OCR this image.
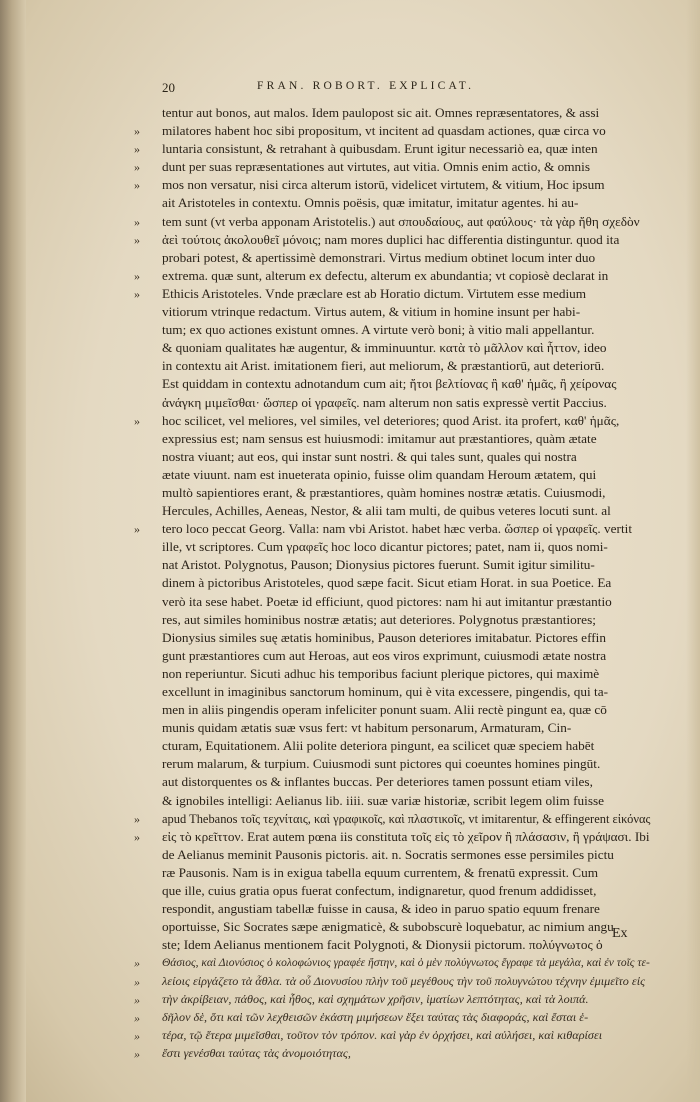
20	FRAN. ROBORT. EXPLICAT.
tentur aut bonos, aut malos. Idem paulopost sic ait. Omnes repræsentatores, & assi
» milatores habent hoc sibi propositum, vt incitent ad quasdam actiones, quæ circa vo
» luntaria consistunt, & retrahant à quibusdam. Erunt igitur necessariò ea, quæ inten
» dunt per suas repræsentationes aut virtutes, aut vitia. Omnis enim actio, & omnis
» mos non versatur, nisi circa alterum istorū, videlicet virtutem, & vitium, Hoc ipsum
ait Aristoteles in contextu. Omnis poësis, quæ imitatur, imitatur agentes. hi au-
» tem sunt (vt verba apponam Aristotelis.) aut σπουδαίους, aut φαύλους· τὰ γὰρ ἤθη σχεδὸν
» ἀεὶ τούτοις ἀκολουθεῖ μόνοις; nam mores duplici hac differentia distinguntur. quod ita
probari potest, & apertissimè demonstrari. Virtus medium obtinet locum inter duo
» extrema. quæ sunt, alterum ex defectu, alterum ex abundantia; vt copiosè declarat in
» Ethicis Aristoteles. Vnde præclare est ab Horatio dictum. Virtutem esse medium
vitiorum vtrinque redactum. Virtus autem, & vitium in homine insunt per habi-
tum; ex quo actiones existunt omnes. A virtute verò boni; à vitio mali appellantur.
& quoniam qualitates hæ augentur, & imminuuntur. κατὰ τὸ μᾶλλον καὶ ἧττον, ideo
in contextu ait Arist. imitationem fieri, aut meliorum, & præstantiorū, aut deteriorū.
Est quiddam in contextu adnotandum cum ait; ἤτοι βελτίονας ἢ καθ' ἡμᾶς, ἢ χείρονας
ἀνάγκη μιμεῖσθαι· ὥσπερ οἱ γραφεῖς. nam alterum non satis expressè vertit Paccius.
» hoc scilicet, vel meliores, vel similes, vel deteriores; quod Arist. ita profert, καθ' ἡμᾶς,
expressius est; nam sensus est huiusmodi: imitamur aut præstantiores, quàm ætate
nostra viuant; aut eos, qui instar sunt nostri. & qui tales sunt, quales qui nostra
ætate viuunt. nam est inueterata opinio, fuisse olim quandam Heroum ætatem, qui
multò sapientiores erant, & præstantiores, quàm homines nostræ ætatis. Cuiusmodi,
Hercules, Achilles, Aeneas, Nestor, & alii tam multi, de quibus veteres locuti sunt. al
» tero loco peccat Georg. Valla: nam vbi Aristot. habet hæc verba. ὥσπερ οἱ γραφεῖς. vertit
ille, vt scriptores. Cum γραφεῖς hoc loco dicantur pictores; patet, nam ii, quos nomi-
nat Aristot. Polygnotus, Pauson; Dionysius pictores fuerunt. Sumit igitur similitu-
dinem à pictoribus Aristoteles, quod sæpe facit. Sicut etiam Horat. in sua Poetice. Ea
verò ita sese habet. Poetæ id efficiunt, quod pictores: nam hi aut imitantur præstantio
res, aut similes hominibus nostræ ætatis; aut deteriores. Polygnotus præstantiores;
Dionysius similes suę ætatis hominibus, Pauson deteriores imitabatur. Pictores effin
gunt præstantiores cum aut Heroas, aut eos viros exprimunt, cuiusmodi ætate nostra
non reperiuntur. Sicuti adhuc his temporibus faciunt plerique pictores, qui maximè
excellunt in imaginibus sanctorum hominum, qui è vita excessere, pingendis, qui ta-
men in aliis pingendis operam infeliciter ponunt suam. Alii rectè pingunt ea, quæ cō
munis quidam ætatis suæ vsus fert: vt habitum personarum, Armaturam, Cin-
cturam, Equitationem. Alii polite deteriora pingunt, ea scilicet quæ speciem habēt
rerum malarum, & turpium. Cuiusmodi sunt pictores qui coeuntes homines pingūt.
aut distorquentes os & inflantes buccas. Per deteriores tamen possunt etiam viles,
& ignobiles intelligi: Aelianus lib. iiii. suæ variæ historiæ, scribit legem olim fuisse
» apud Thebanos τοῖς τεχνίταις, καὶ γραφικοῖς, καὶ πλαστικοῖς, vt imitarentur, & effingerent εἰκόνας
» εἰς τὸ κρεῖττον. Erat autem pœna iis constituta τοῖς εἰς τὸ χεῖρον ἢ πλάσασιν, ἢ γράψασι. Ibi
de Aelianus meminit Pausonis pictoris. ait. n. Socratis sermones esse persimiles pictu
ræ Pausonis. Nam is in exigua tabella equum currentem, & frenatū expressit. Cum
que ille, cuius gratia opus fuerat confectum, indignaretur, quod frenum addidisset,
respondit, angustiam tabellæ fuisse in causa, & ideo in paruo spatio equum frenare
oportuisse, Sic Socrates sæpe ænigmaticè, & subobscurè loquebatur, ac nimium angu
ste; Idem Aelianus mentionem facit Polygnoti, & Dionysii pictorum. πολύγνωτος ὁ
» Θάσιος, καὶ Διονύσιος ὁ κολοφώνιος γραφέε ἤστην, καὶ ὁ μὲν πολύγνωτος ἔγραφε τὰ μεγάλα, καὶ ἐν τοῖς τε-
» λείοις εἰργάζετο τὰ ἆθλα. τὰ οὖ Διονυσίου πλὴν τοῦ μεγέθους τὴν τοῦ πολυγνώτου τέχνην ἐμιμεῖτο εἰς
» τὴν ἀκρίβειαν, πάθος, καὶ ἦθος, καὶ σχημάτων χρῆσιν, ἱματίων λεπτότητας, καὶ τὰ λοιπά.
» δῆλον δὲ, ὅτι καὶ τῶν λεχθεισῶν ἑκάστη μιμήσεων ἕξει ταύτας τὰς διαφοράς, καὶ ἔσται ἑ-
» τέρα, τῷ ἕτερα μιμεῖσθαι, τοῦτον τὸν τρόπον. καὶ γὰρ ἐν ὀρχήσει, καὶ αὐλήσει, καὶ κιθαρίσει
» ἔστι γενέσθαι ταύτας τὰς ἀνομοιότητας,
Ex
